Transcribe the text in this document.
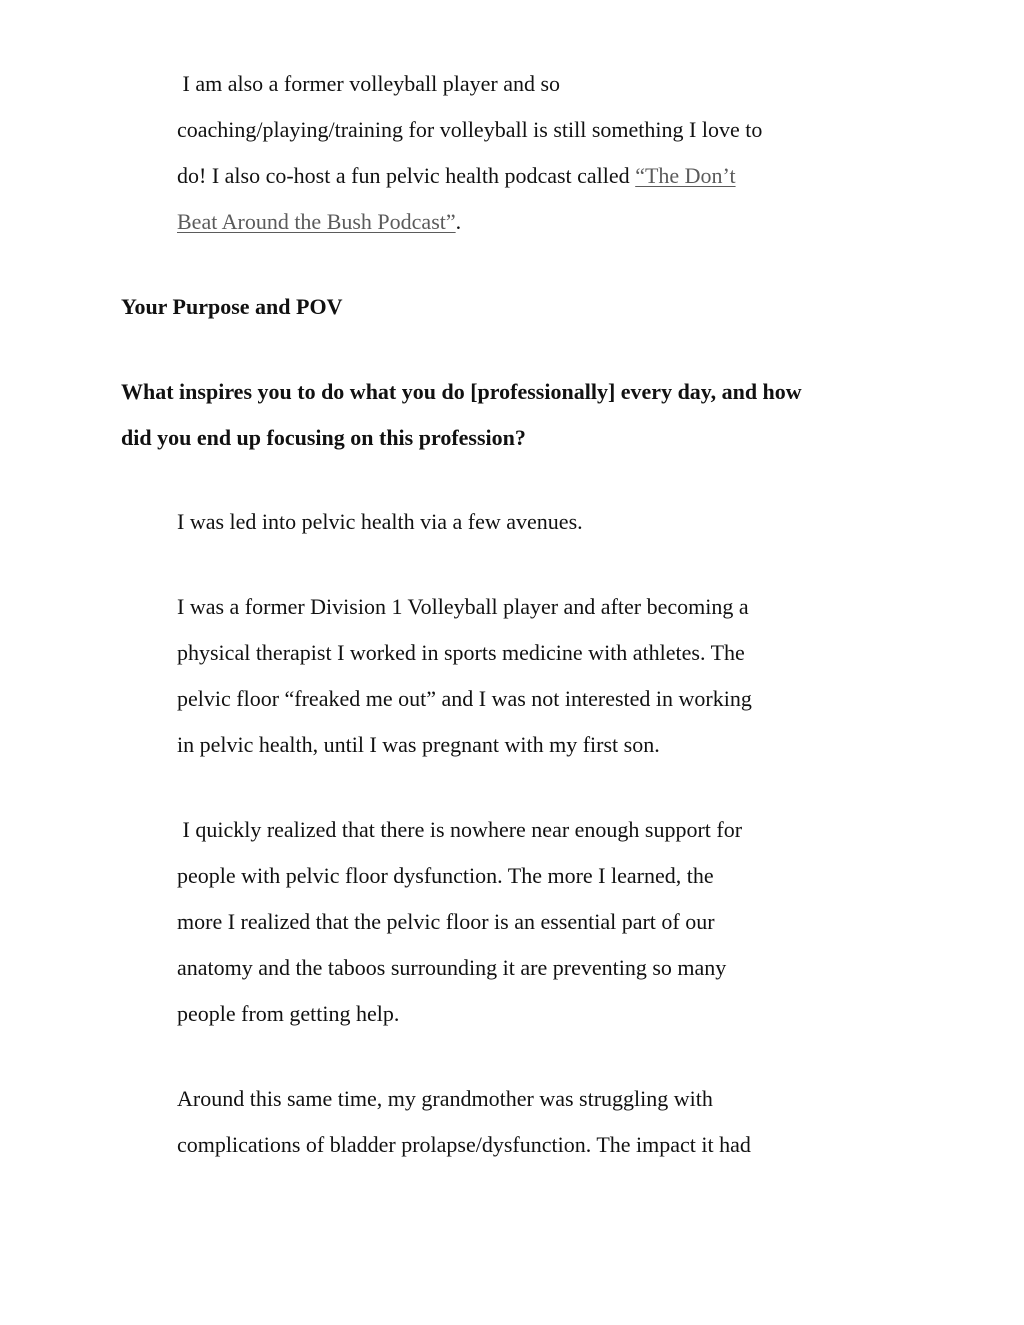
I am also a former volleyball player and so
coaching/playing/training for volleyball is still something I love to
do! I also co-host a fun pelvic health podcast called “The Don’t
Beat Around the Bush Podcast”.

Your Purpose and POV

What inspires you to do what you do [professionally] every day, and how
did you end up focusing on this profession?

I was led into pelvic health via a few avenues.

I was a former Division 1 Volleyball player and after becoming a
physical therapist I worked in sports medicine with athletes. The
pelvic floor “freaked me out” and I was not interested in working
in pelvic health, until I was pregnant with my first son.

I quickly realized that there is nowhere near enough support for
people with pelvic floor dysfunction. The more I learned, the
more I realized that the pelvic floor is an essential part of our
anatomy and the taboos surrounding it are preventing so many
people from getting help.

Around this same time, my grandmother was struggling with
complications of bladder prolapse/dysfunction. The impact it had
